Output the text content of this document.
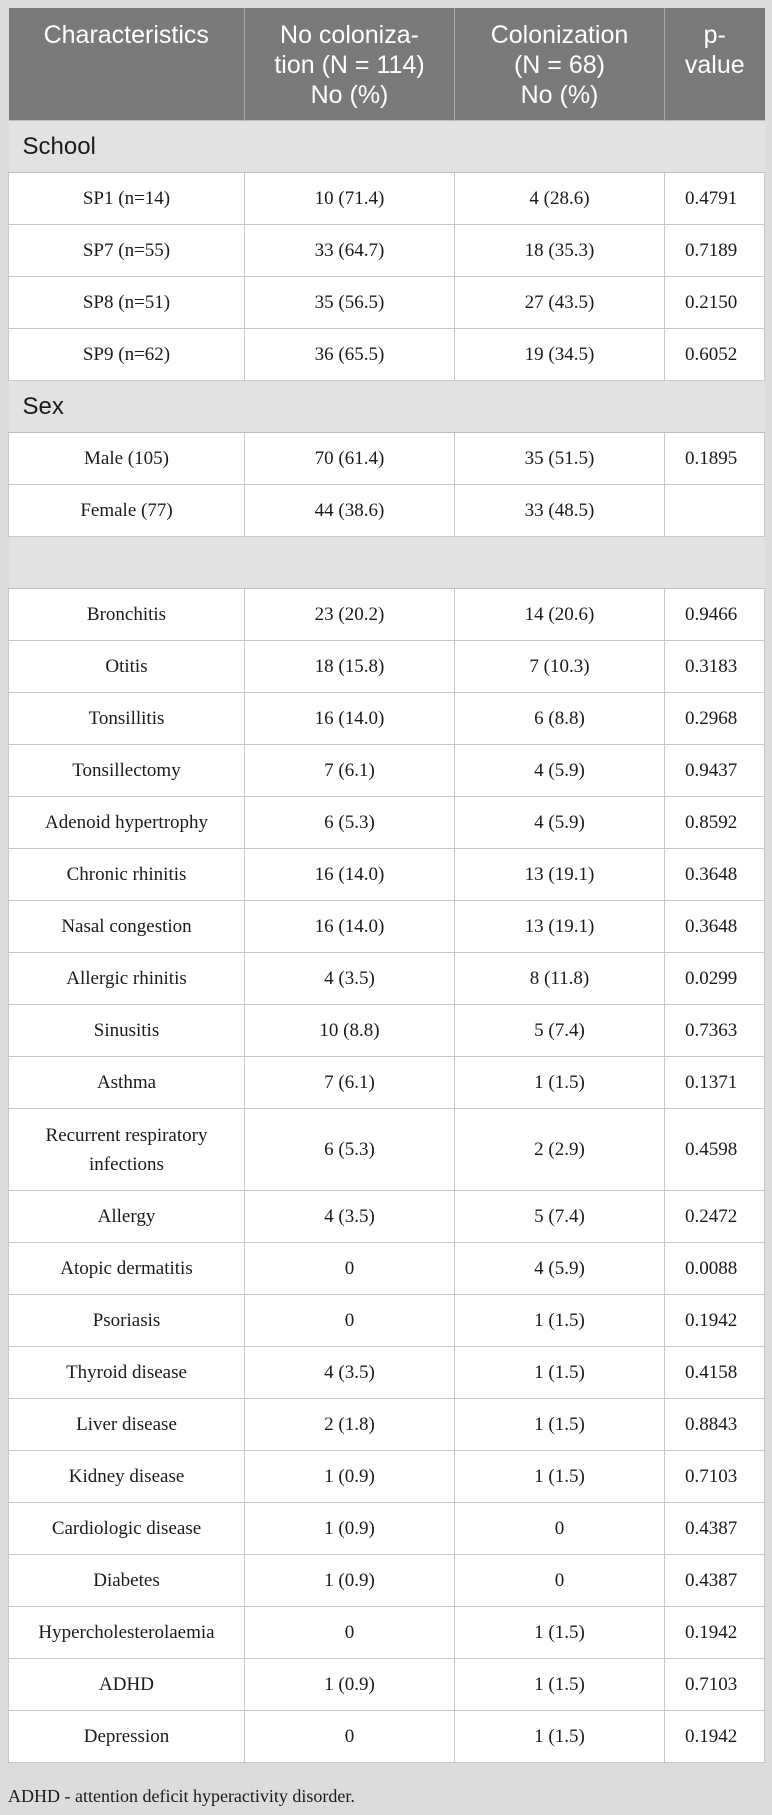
Characteristics	No coloniza-
tion (N = 114)
No (%)	Colonization
(N = 68)
No (%)	p-
value

School			
SP1 (n=14)	10 (71.4)	4 (28.6)	0.4791
SP7 (n=55)	33 (64.7)	18 (35.3)	0.7189
SP8 (n=51)	35 (56.5)	27 (43.5)	0.2150
SP9 (n=62)	36 (65.5)	19 (34.5)	0.6052
Sex			
Male (105)	70 (61.4)	35 (51.5)	0.1895
Female (77)	44 (38.6)	33 (48.5)	

Bronchitis	23 (20.2)	14 (20.6)	0.9466
Otitis	18 (15.8)	7 (10.3)	0.3183
Tonsillitis	16 (14.0)	6 (8.8)	0.2968
Tonsillectomy	7 (6.1)	4 (5.9)	0.9437
Adenoid hypertrophy	6 (5.3)	4 (5.9)	0.8592
Chronic rhinitis	16 (14.0)	13 (19.1)	0.3648
Nasal congestion	16 (14.0)	13 (19.1)	0.3648
Allergic rhinitis	4 (3.5)	8 (11.8)	0.0299
Sinusitis	10 (8.8)	5 (7.4)	0.7363
Asthma	7 (6.1)	1 (1.5)	0.1371
Recurrent respiratory infections	6 (5.3)	2 (2.9)	0.4598
Allergy	4 (3.5)	5 (7.4)	0.2472
Atopic dermatitis	0	4 (5.9)	0.0088
Psoriasis	0	1 (1.5)	0.1942
Thyroid disease	4 (3.5)	1 (1.5)	0.4158
Liver disease	2 (1.8)	1 (1.5)	0.8843
Kidney disease	1 (0.9)	1 (1.5)	0.7103
Cardiologic disease	1 (0.9)	0	0.4387
Diabetes	1 (0.9)	0	0.4387
Hypercholesterolaemia	0	1 (1.5)	0.1942
ADHD	1 (0.9)	1 (1.5)	0.7103
Depression	0	1 (1.5)	0.1942
ADHD - attention deficit hyperactivity disorder.
